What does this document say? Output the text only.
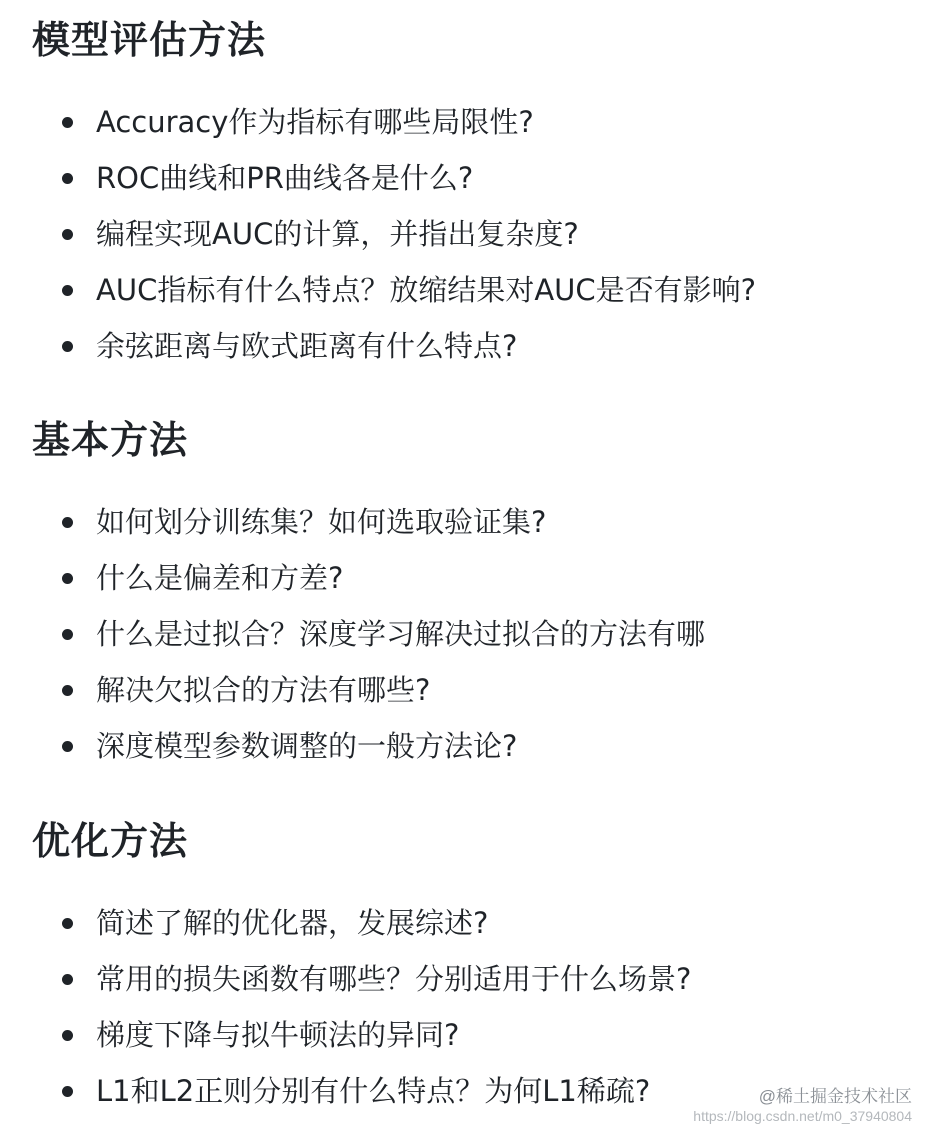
模型评估方法
Accuracy作为指标有哪些局限性?
ROC曲线和PR曲线各是什么?
编程实现AUC的计算，并指出复杂度?
AUC指标有什么特点？放缩结果对AUC是否有影响?
余弦距离与欧式距离有什么特点?
基本方法
如何划分训练集？如何选取验证集?
什么是偏差和方差?
什么是过拟合？深度学习解决过拟合的方法有哪
解决欠拟合的方法有哪些?
深度模型参数调整的一般方法论?
优化方法
简述了解的优化器，发展综述?
常用的损失函数有哪些？分别适用于什么场景?
梯度下降与拟牛顿法的异同?
L1和L2正则分别有什么特点？为何L1稀疏?	@稀土掘金技术社区
https://blog.csdn.net/m0_37940804
